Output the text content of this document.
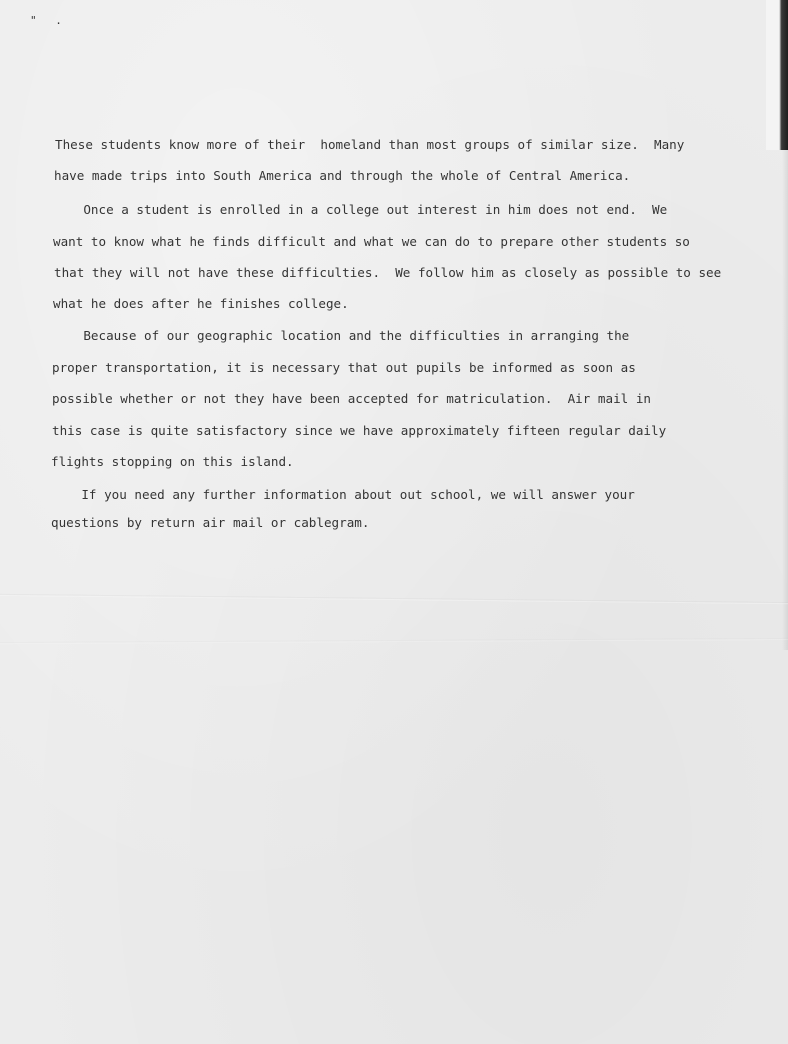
" .
These students know more of their  homeland than most groups of similar size.  Many
have made trips into South America and through the whole of Central America.
Once a student is enrolled in a college out interest in him does not end.  We
want to know what he finds difficult and what we can do to prepare other students so
that they will not have these difficulties.  We follow him as closely as possible to see
what he does after he finishes college.
Because of our geographic location and the difficulties in arranging the
proper transportation, it is necessary that out pupils be informed as soon as
possible whether or not they have been accepted for matriculation.  Air mail in
this case is quite satisfactory since we have approximately fifteen regular daily
flights stopping on this island.
If you need any further information about out school, we will answer your
questions by return air mail or cablegram.
